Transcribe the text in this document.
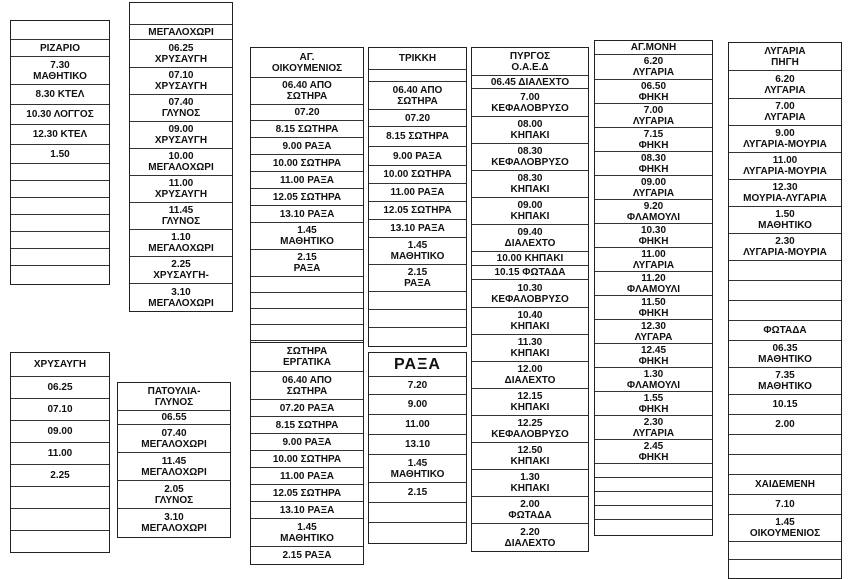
ΡΙΖΑΡΙΟ
7.30
ΜΑΘΗΤΙΚΟ
8.30 ΚΤΕΛ
10.30 ΛΟΓΓΟΣ
12.30 ΚΤΕΛ
1.50
ΜΕΓΑΛΟΧΩΡΙ
06.25
ΧΡΥΣΑΥΓΗ
07.10
ΧΡΥΣΑΥΓΗ
07.40
ΓΛΥΝΟΣ
09.00
ΧΡΥΣΑΥΓΗ
10.00
ΜΕΓΑΛΟΧΩΡΙ
11.00
ΧΡΥΣΑΥΓΗ
11.45
ΓΛΥΝΟΣ
1.10
ΜΕΓΑΛΟΧΩΡΙ
2.25
ΧΡΥΣΑΥΓΗ-
3.10
ΜΕΓΑΛΟΧΩΡΙ
ΑΓ.
ΟΙΚΟΥΜΕΝΙΟΣ
06.40 ΑΠΟ
ΣΩΤΗΡΑ
07.20
8.15 ΣΩΤΗΡΑ
9.00 ΡΑΞΑ
10.00 ΣΩΤΗΡΑ
11.00 ΡΑΞΑ
12.05 ΣΩΤΗΡΑ
13.10 ΡΑΞΑ
1.45
ΜΑΘΗΤΙΚΟ
2.15
ΡΑΞΑ
ΤΡΙΚΚΗ
06.40 ΑΠΟ
ΣΩΤΗΡΑ
07.20
8.15 ΣΩΤΗΡΑ
9.00 ΡΑΞΑ
10.00 ΣΩΤΗΡΑ
11.00 ΡΑΞΑ
12.05 ΣΩΤΗΡΑ
13.10 ΡΑΞΑ
1.45
ΜΑΘΗΤΙΚΟ
2.15
ΡΑΞΑ
ΠΥΡΓΟΣ
Ο.Α.Ε.Δ
06.45 ΔΙΑΛΕΧΤΟ
7.00
ΚΕΦΑΛΟΒΡΥΣΟ
08.00
ΚΗΠΑΚΙ
08.30
ΚΕΦΑΛΟΒΡΥΣΟ
08.30
ΚΗΠΑΚΙ
09.00
ΚΗΠΑΚΙ
09.40
ΔΙΑΛΕΧΤΟ
10.00 ΚΗΠΑΚΙ
10.15 ΦΩΤΑΔΑ
10.30
ΚΕΦΑΛΟΒΡΥΣΟ
10.40
ΚΗΠΑΚΙ
11.30
ΚΗΠΑΚΙ
12.00
ΔΙΑΛΕΧΤΟ
12.15
ΚΗΠΑΚΙ
12.25
ΚΕΦΑΛΟΒΡΥΣΟ
12.50
ΚΗΠΑΚΙ
1.30
ΚΗΠΑΚΙ
2.00
ΦΩΤΑΔΑ
2.20
ΔΙΑΛΕΧΤΟ
ΑΓ.ΜΟΝΗ
6.20
ΛΥΓΑΡΙΑ
06.50
ΦΗΚΗ
7.00
ΛΥΓΑΡΙΑ
7.15
ΦΗΚΗ
08.30
ΦΗΚΗ
09.00
ΛΥΓΑΡΙΑ
9.20
ΦΛΑΜΟΥΛΙ
10.30
ΦΗΚΗ
11.00
ΛΥΓΑΡΙΑ
11.20
ΦΛΑΜΟΥΛΙ
11.50
ΦΗΚΗ
12.30
ΛΥΓΑΡΑ
12.45
ΦΗΚΗ
1.30
ΦΛΑΜΟΥΛΙ
1.55
ΦΗΚΗ
2.30
ΛΥΓΑΡΙΑ
2.45
ΦΗΚΗ
ΛΥΓΑΡΙΑ
ΠΗΓΗ
6.20
ΛΥΓΑΡΙΑ
7.00
ΛΥΓΑΡΙΑ
9.00
ΛΥΓΑΡΙΑ-ΜΟΥΡΙΑ
11.00
ΛΥΓΑΡΙΑ-ΜΟΥΡΙΑ
12.30
ΜΟΥΡΙΑ-ΛΥΓΑΡΙΑ
1.50
ΜΑΘΗΤΙΚΟ
2.30
ΛΥΓΑΡΙΑ-ΜΟΥΡΙΑ
ΦΩΤΑΔΑ
06.35
ΜΑΘΗΤΙΚΟ
7.35
ΜΑΘΗΤΙΚΟ
10.15
2.00
ΧΑΙΔΕΜΕΝΗ
7.10
1.45
ΟΙΚΟΥΜΕΝΙΟΣ
ΧΡΥΣΑΥΓΗ
06.25
07.10
09.00
11.00
2.25
ΠΑΤΟΥΛΙΑ-
ΓΛΥΝΟΣ
06.55
07.40
ΜΕΓΑΛΟΧΩΡΙ
11.45
ΜΕΓΑΛΟΧΩΡΙ
2.05
ΓΛΥΝΟΣ
3.10
ΜΕΓΑΛΟΧΩΡΙ
ΣΩΤΗΡΑ
ΕΡΓΑΤΙΚΑ
06.40 ΑΠΟ
ΣΩΤΗΡΑ
07.20 ΡΑΞΑ
8.15 ΣΩΤΗΡΑ
9.00 ΡΑΞΑ
10.00 ΣΩΤΗΡΑ
11.00 ΡΑΞΑ
12.05 ΣΩΤΗΡΑ
13.10 ΡΑΞΑ
1.45
ΜΑΘΗΤΙΚΟ
2.15 ΡΑΞΑ
ΡΑΞΑ
7.20
9.00
11.00
13.10
1.45
ΜΑΘΗΤΙΚΟ
2.15
